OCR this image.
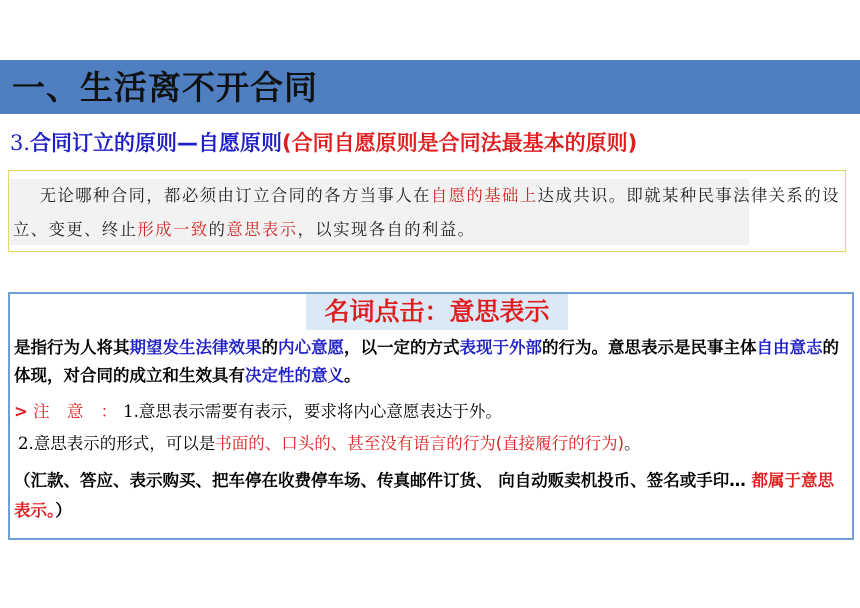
一、生活离不开合同
3.合同订立的原则—自愿原则(合同自愿原则是合同法最基本的原则)
无论哪种合同，都必须由订立合同的各方当事人在自愿的基础上达成共识。即就某种民事法律关系的设立、变更、终止形成一致的意思表示，以实现各自的利益。
名词点击：意思表示
是指行为人将其期望发生法律效果的内心意愿，以一定的方式表现于外部的行为。意思表示是民事主体自由意志的体现，对合同的成立和生效具有决定性的意义。
> 注 意 ：1.意思表示需要有表示，要求将内心意愿表达于外。
2.意思表示的形式，可以是书面的、口头的、甚至没有语言的行为(直接履行的行为)。
（汇款、答应、表示购买、把车停在收费停车场、传真邮件订货、 向自动贩卖机投币、签名或手印… 都属于意思表示。）
